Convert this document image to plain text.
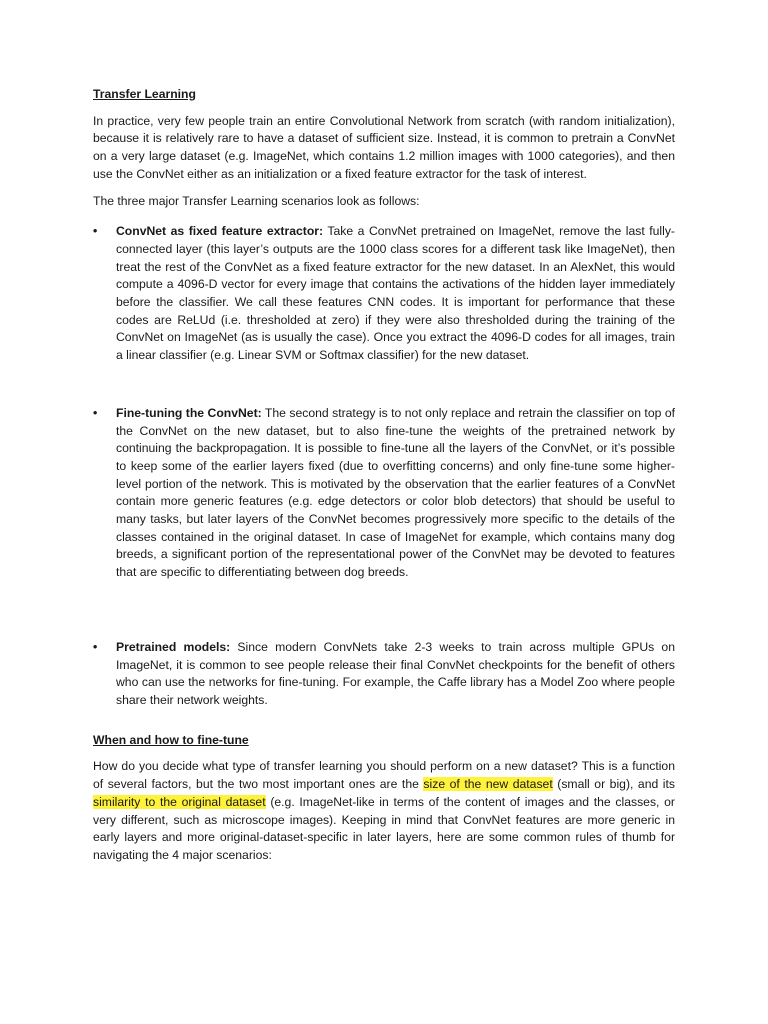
Transfer Learning

In practice, very few people train an entire Convolutional Network from scratch (with random initialization), because it is relatively rare to have a dataset of sufficient size. Instead, it is common to pretrain a ConvNet on a very large dataset (e.g. ImageNet, which contains 1.2 million images with 1000 categories), and then use the ConvNet either as an initialization or a fixed feature extractor for the task of interest.

The three major Transfer Learning scenarios look as follows:

• ConvNet as fixed feature extractor: Take a ConvNet pretrained on ImageNet, remove the last fully-connected layer (this layer’s outputs are the 1000 class scores for a different task like ImageNet), then treat the rest of the ConvNet as a fixed feature extractor for the new dataset. In an AlexNet, this would compute a 4096-D vector for every image that contains the activations of the hidden layer immediately before the classifier. We call these features CNN codes. It is important for performance that these codes are ReLUd (i.e. thresholded at zero) if they were also thresholded during the training of the ConvNet on ImageNet (as is usually the case). Once you extract the 4096-D codes for all images, train a linear classifier (e.g. Linear SVM or Softmax classifier) for the new dataset.
• Fine-tuning the ConvNet: The second strategy is to not only replace and retrain the classifier on top of the ConvNet on the new dataset, but to also fine-tune the weights of the pretrained network by continuing the backpropagation. It is possible to fine-tune all the layers of the ConvNet, or it’s possible to keep some of the earlier layers fixed (due to overfitting concerns) and only fine-tune some higher-level portion of the network. This is motivated by the observation that the earlier features of a ConvNet contain more generic features (e.g. edge detectors or color blob detectors) that should be useful to many tasks, but later layers of the ConvNet becomes progressively more specific to the details of the classes contained in the original dataset. In case of ImageNet for example, which contains many dog breeds, a significant portion of the representational power of the ConvNet may be devoted to features that are specific to differentiating between dog breeds.
• Pretrained models: Since modern ConvNets take 2-3 weeks to train across multiple GPUs on ImageNet, it is common to see people release their final ConvNet checkpoints for the benefit of others who can use the networks for fine-tuning. For example, the Caffe library has a Model Zoo where people share their network weights.
When and how to fine-tune

How do you decide what type of transfer learning you should perform on a new dataset? This is a function of several factors, but the two most important ones are the size of the new dataset (small or big), and its similarity to the original dataset (e.g. ImageNet-like in terms of the content of images and the classes, or very different, such as microscope images). Keeping in mind that ConvNet features are more generic in early layers and more original-dataset-specific in later layers, here are some common rules of thumb for navigating the 4 major scenarios:
